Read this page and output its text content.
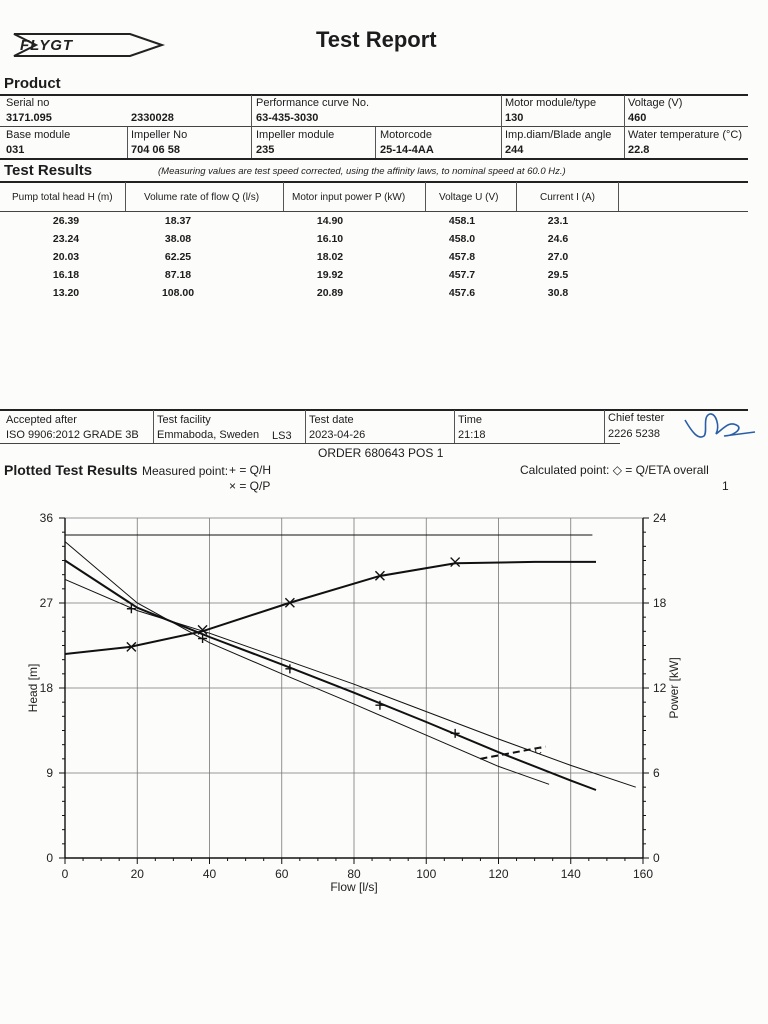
FLYGT	Test Report
Product
Serial no
3171.095	2330028
Performance curve No.
63-435-3030
Motor module/type
130
Voltage (V)
460
Base module
031
Impeller No
704 06 58
Impeller module
235
Motorcode
25-14-4AA
Imp.diam/Blade angle
244
Water temperature (°C)
22.8
Test Results	(Measuring values are test speed corrected, using the affinity laws, to nominal speed at 60.0 Hz.)
Pump total head H (m)	Volume rate of flow Q (l/s)	Motor input power P (kW)	Voltage U (V)	Current I (A)
26.39	18.37	14.90	458.1	23.1
23.24	38.08	16.10	458.0	24.6
20.03	62.25	18.02	457.8	27.0
16.18	87.18	19.92	457.7	29.5
13.20	108.00	20.89	457.6	30.8
Accepted after
ISO 9906:2012 GRADE 3B
Test facility
Emmaboda, Sweden LS3
Test date
2023-04-26
Time
21:18
Chief tester
2226 5238
ORDER 680643 POS 1
Plotted Test Results Measured point: + = Q/H
× = Q/P
Calculated point: ◇ = Q/ETA overall
1
0	20	40	60	80	100	120	140	160
0
9
18
27
36
0
6
12
18
24
Flow [l/s]
Head [m]	Power [kW]
C
